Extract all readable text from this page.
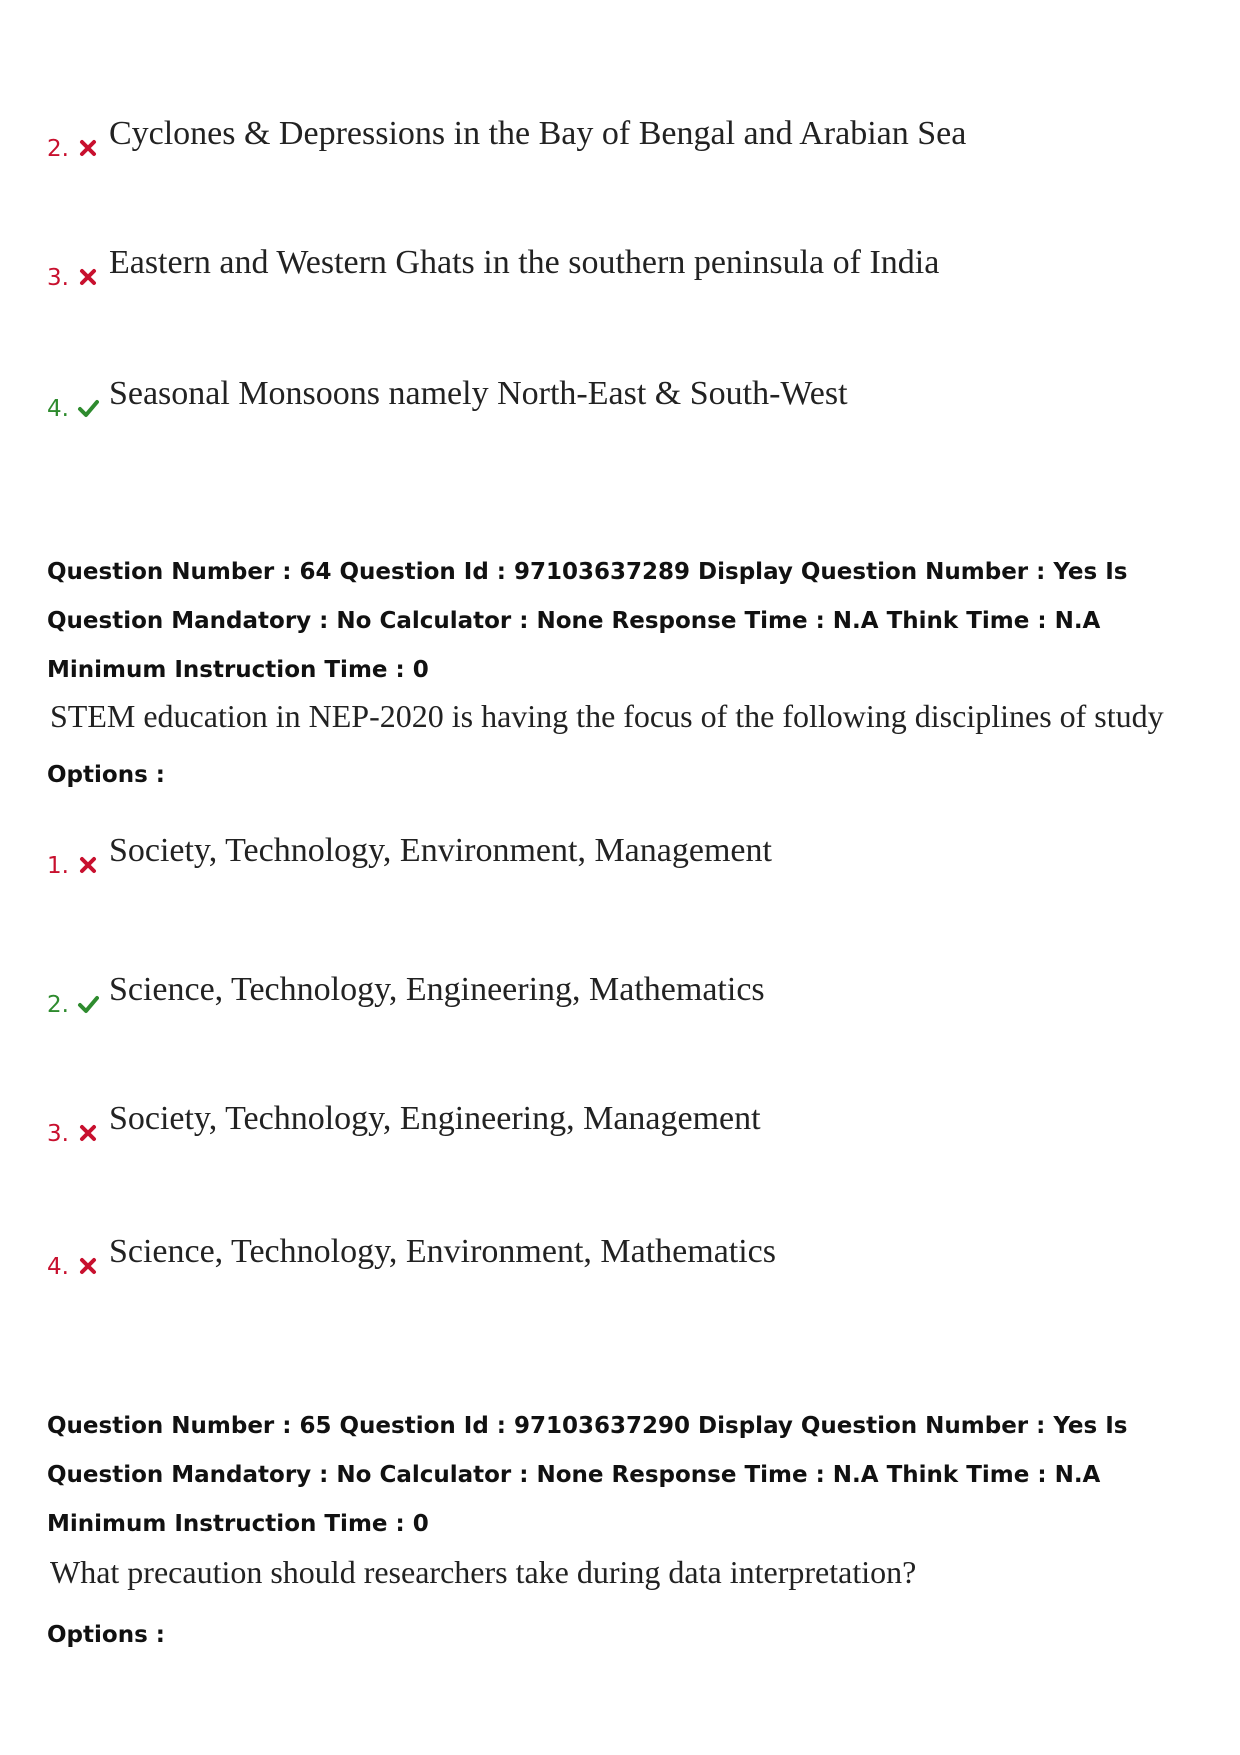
2. Cyclones & Depressions in the Bay of Bengal and Arabian Sea
3. Eastern and Western Ghats in the southern peninsula of India
4. Seasonal Monsoons namely North-East & South-West
Question Number : 64 Question Id : 97103637289 Display Question Number : Yes Is Question Mandatory : No Calculator : None Response Time : N.A Think Time : N.A Minimum Instruction Time : 0
STEM education in NEP-2020 is having the focus of the following disciplines of study
Options :
1. Society, Technology, Environment, Management
2. Science, Technology, Engineering, Mathematics
3. Society, Technology, Engineering, Management
4. Science, Technology, Environment, Mathematics
Question Number : 65 Question Id : 97103637290 Display Question Number : Yes Is Question Mandatory : No Calculator : None Response Time : N.A Think Time : N.A Minimum Instruction Time : 0
What precaution should researchers take during data interpretation?
Options :
